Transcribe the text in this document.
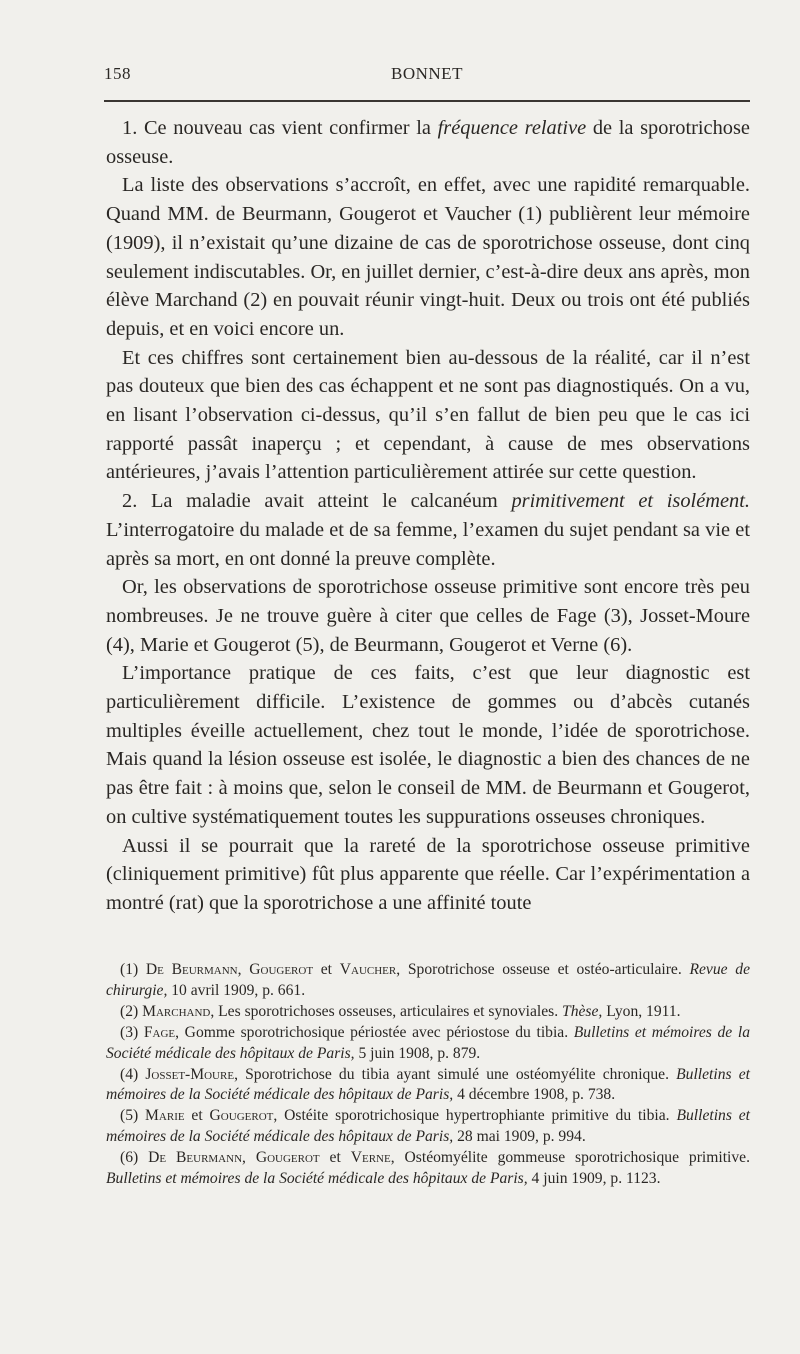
158	BONNET

1. Ce nouveau cas vient confirmer la fréquence relative de la sporotrichose osseuse.

La liste des observations s’accroît, en effet, avec une rapidité remarquable. Quand MM. de Beurmann, Gougerot et Vaucher (1) publièrent leur mémoire (1909), il n’existait qu’une dizaine de cas de sporotrichose osseuse, dont cinq seulement indiscutables. Or, en juillet dernier, c’est-à-dire deux ans après, mon élève Marchand (2) en pouvait réunir vingt-huit. Deux ou trois ont été publiés depuis, et en voici encore un.

Et ces chiffres sont certainement bien au-dessous de la réalité, car il n’est pas douteux que bien des cas échappent et ne sont pas diagnostiqués. On a vu, en lisant l’observation ci-dessus, qu’il s’en fallut de bien peu que le cas ici rapporté passât inaperçu ; et cependant, à cause de mes observations antérieures, j’avais l’attention particulièrement attirée sur cette question.

2. La maladie avait atteint le calcanéum primitivement et isolément. L’interrogatoire du malade et de sa femme, l’examen du sujet pendant sa vie et après sa mort, en ont donné la preuve complète.

Or, les observations de sporotrichose osseuse primitive sont encore très peu nombreuses. Je ne trouve guère à citer que celles de Fage (3), Josset-Moure (4), Marie et Gougerot (5), de Beurmann, Gougerot et Verne (6).

L’importance pratique de ces faits, c’est que leur diagnostic est particulièrement difficile. L’existence de gommes ou d’abcès cutanés multiples éveille actuellement, chez tout le monde, l’idée de sporotrichose. Mais quand la lésion osseuse est isolée, le diagnostic a bien des chances de ne pas être fait : à moins que, selon le conseil de MM. de Beurmann et Gougerot, on cultive systématiquement toutes les suppurations osseuses chroniques.

Aussi il se pourrait que la rareté de la sporotrichose osseuse primitive (cliniquement primitive) fût plus apparente que réelle. Car l’expérimentation a montré (rat) que la sporotrichose a une affinité toute

(1) De Beurmann, Gougerot et Vaucher, Sporotrichose osseuse et ostéo-articulaire. Revue de chirurgie, 10 avril 1909, p. 661.

(2) Marchand, Les sporotrichoses osseuses, articulaires et synoviales. Thèse, Lyon, 1911.

(3) Fage, Gomme sporotrichosique périostée avec périostose du tibia. Bulletins et mémoires de la Société médicale des hôpitaux de Paris, 5 juin 1908, p. 879.

(4) Josset-Moure, Sporotrichose du tibia ayant simulé une ostéomyélite chronique. Bulletins et mémoires de la Société médicale des hôpitaux de Paris, 4 décembre 1908, p. 738.

(5) Marie et Gougerot, Ostéite sporotrichosique hypertrophiante primitive du tibia. Bulletins et mémoires de la Société médicale des hôpitaux de Paris, 28 mai 1909, p. 994.

(6) De Beurmann, Gougerot et Verne, Ostéomyélite gommeuse sporotrichosique primitive. Bulletins et mémoires de la Société médicale des hôpitaux de Paris, 4 juin 1909, p. 1123.
